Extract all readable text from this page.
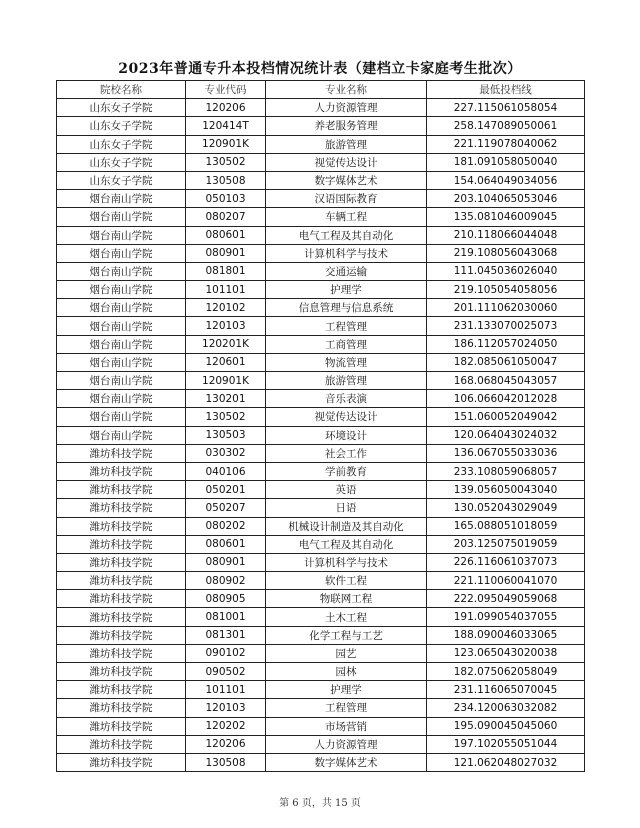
2023年普通专升本投档情况统计表（建档立卡家庭考生批次）
院校名称	专业代码	专业名称	最低投档线
山东女子学院	120206	人力资源管理	227.115061058054
山东女子学院	120414T	养老服务管理	258.147089050061
山东女子学院	120901K	旅游管理	221.119078040062
山东女子学院	130502	视觉传达设计	181.091058050040
山东女子学院	130508	数字媒体艺术	154.064049034056
烟台南山学院	050103	汉语国际教育	203.104065053046
烟台南山学院	080207	车辆工程	135.081046009045
烟台南山学院	080601	电气工程及其自动化	210.118066044048
烟台南山学院	080901	计算机科学与技术	219.108056043068
烟台南山学院	081801	交通运输	111.045036026040
烟台南山学院	101101	护理学	219.105054058056
烟台南山学院	120102	信息管理与信息系统	201.111062030060
烟台南山学院	120103	工程管理	231.133070025073
烟台南山学院	120201K	工商管理	186.112057024050
烟台南山学院	120601	物流管理	182.085061050047
烟台南山学院	120901K	旅游管理	168.068045043057
烟台南山学院	130201	音乐表演	106.066042012028
烟台南山学院	130502	视觉传达设计	151.060052049042
烟台南山学院	130503	环境设计	120.064043024032
潍坊科技学院	030302	社会工作	136.067055033036
潍坊科技学院	040106	学前教育	233.108059068057
潍坊科技学院	050201	英语	139.056050043040
潍坊科技学院	050207	日语	130.052043029049
潍坊科技学院	080202	机械设计制造及其自动化	165.088051018059
潍坊科技学院	080601	电气工程及其自动化	203.125075019059
潍坊科技学院	080901	计算机科学与技术	226.116061037073
潍坊科技学院	080902	软件工程	221.110060041070
潍坊科技学院	080905	物联网工程	222.095049059068
潍坊科技学院	081001	土木工程	191.099054037055
潍坊科技学院	081301	化学工程与工艺	188.090046033065
潍坊科技学院	090102	园艺	123.065043020038
潍坊科技学院	090502	园林	182.075062058049
潍坊科技学院	101101	护理学	231.116065070045
潍坊科技学院	120103	工程管理	234.120063032082
潍坊科技学院	120202	市场营销	195.090045045060
潍坊科技学院	120206	人力资源管理	197.102055051044
潍坊科技学院	130508	数字媒体艺术	121.062048027032
第 6 页，共 15 页
